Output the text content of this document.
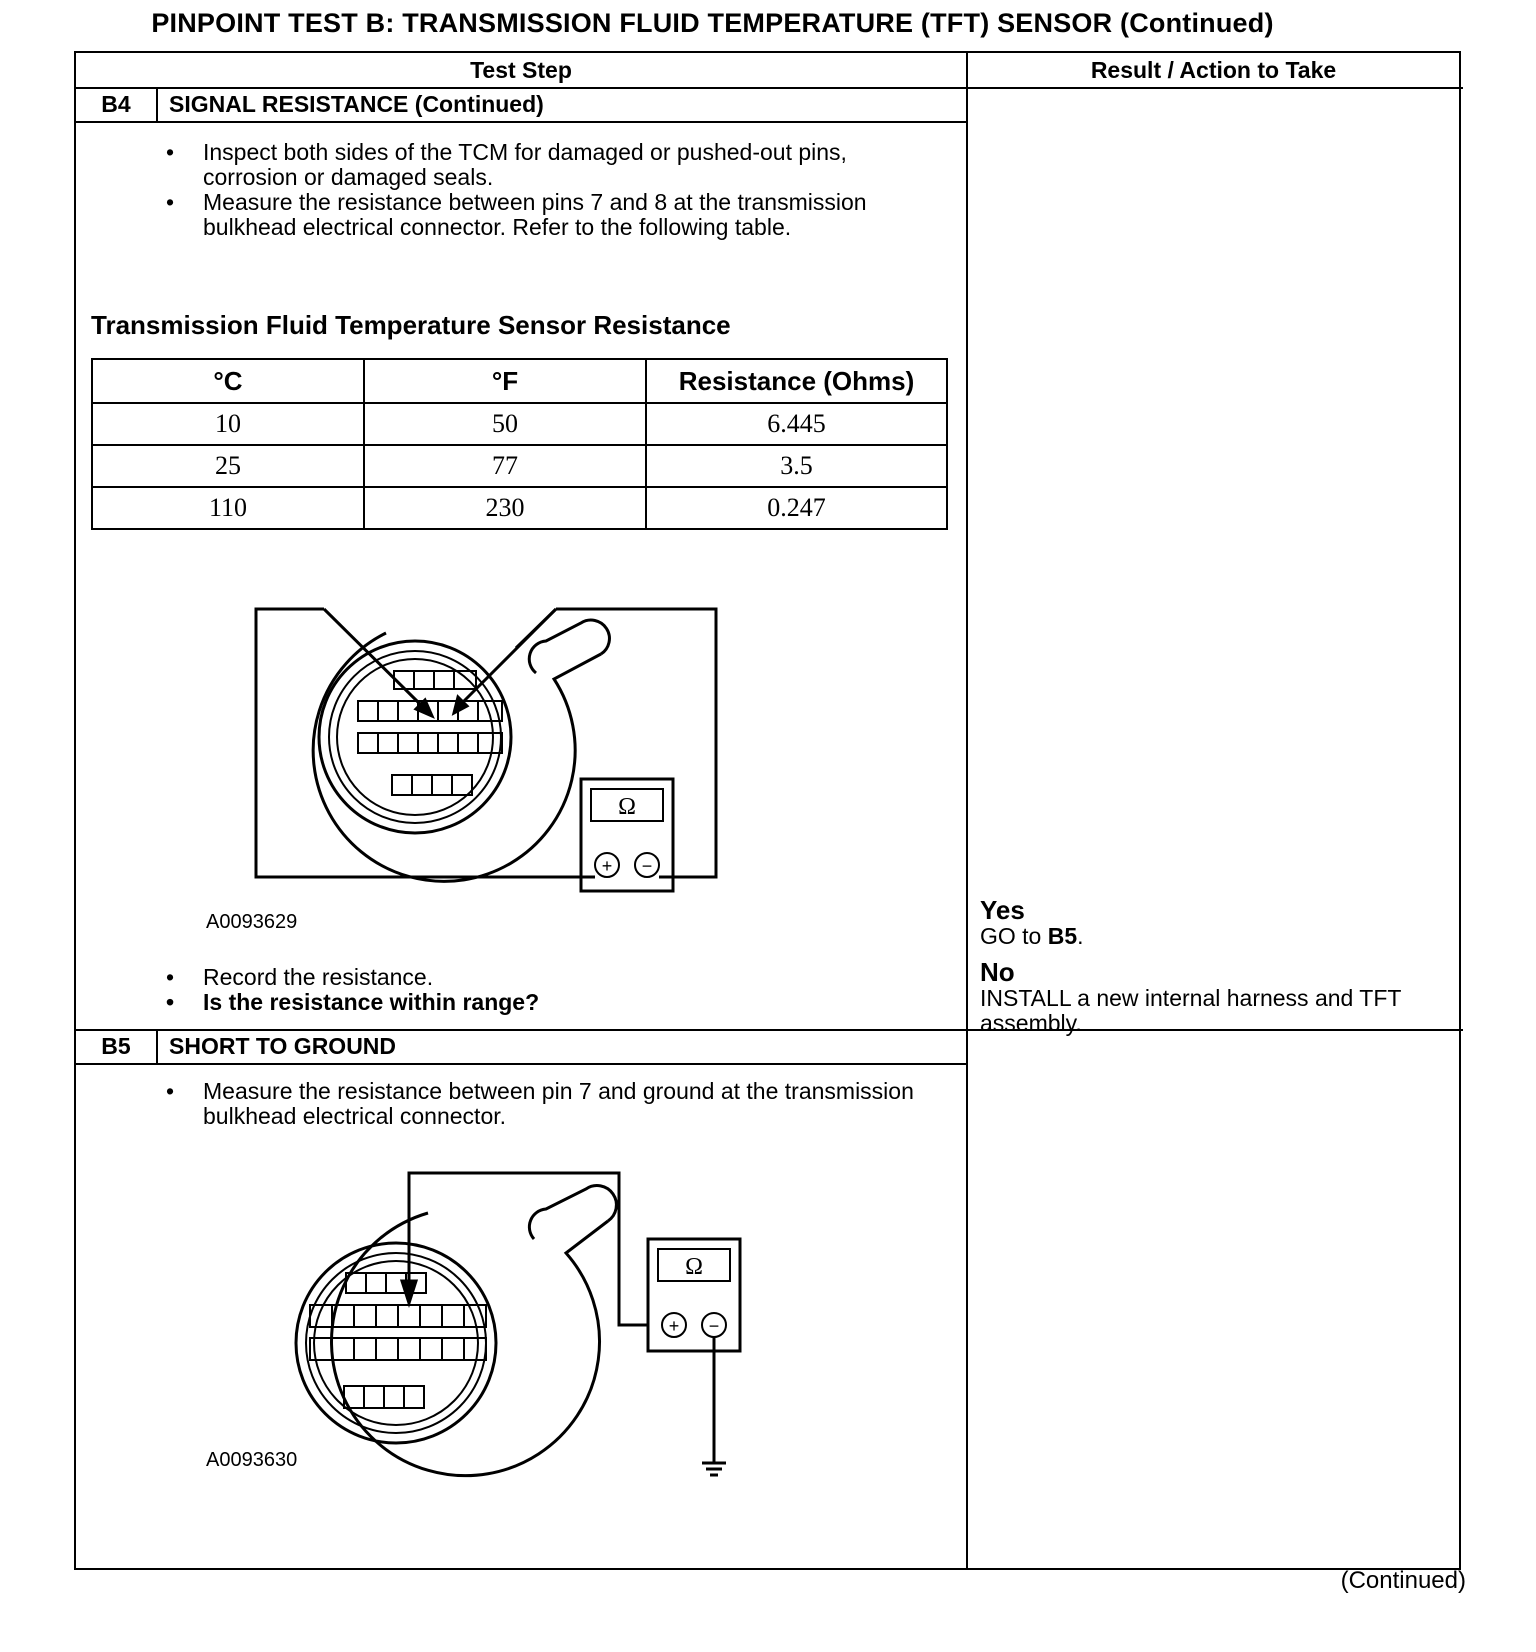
PINPOINT TEST B: TRANSMISSION FLUID TEMPERATURE (TFT) SENSOR (Continued)
Test Step	Result / Action to Take
B4	SIGNAL RESISTANCE (Continued)
• Inspect both sides of the TCM for damaged or pushed-out pins, corrosion or damaged seals.
• Measure the resistance between pins 7 and 8 at the transmission bulkhead electrical connector. Refer to the following table.
Transmission Fluid Temperature Sensor Resistance
°C	°F	Resistance (Ohms)
10	50	6.445
25	77	3.5
110	230	0.247
Ω
+ −
A0093629
• Record the resistance.
• Is the resistance within range?
Yes
GO to B5.
No
INSTALL a new internal harness and TFT assembly.
B5	SHORT TO GROUND
• Measure the resistance between pin 7 and ground at the transmission bulkhead electrical connector.
Ω
+ −
A0093630
(Continued)
